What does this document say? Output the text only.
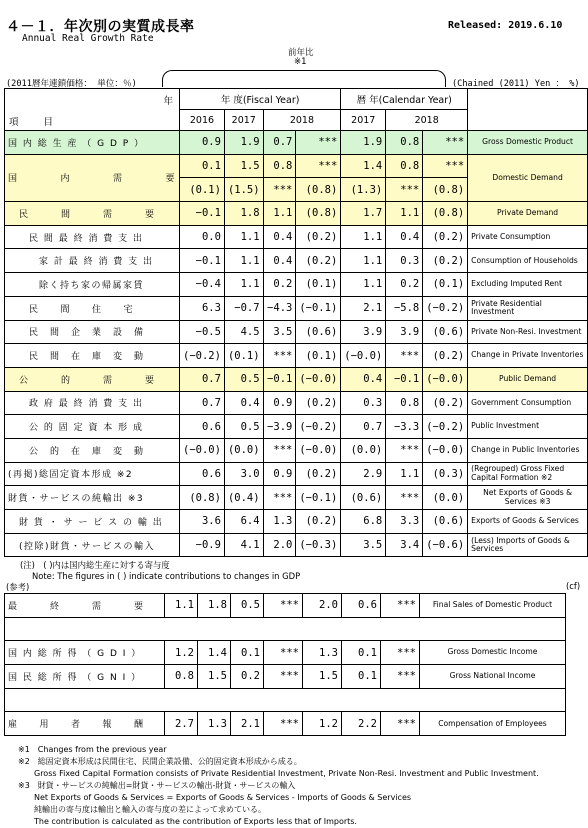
４－１．年次別の実質成長率
Annual Real Growth Rate
Released: 2019.6.10
前年比
※1
(2011暦年連鎖価格： 単位：％)	(Chained (2011) Yen ： %)
年
項　　目	年 度(Fiscal Year)				暦 年(Calendar Year)			
	2016	2017	2018		2017	2018		
国 内 総 生 産 （ G D P ）	0.9	1.9	0.7	***	1.9	0.8	***	Gross Domestic Product
国　　　　内　　　　需　　　　要	0.1	1.5	0.8	***	1.4	0.8	***	Domestic Demand
	(0.1)	(1.5)	***	(0.8)	(1.3)	***	(0.8)	
民　　　間　　　需　　　要	−0.1	1.8	1.1	(0.8)	1.7	1.1	(0.8)	Private Demand
民 間 最 終 消 費 支 出	0.0	1.1	0.4	(0.2)	1.1	0.4	(0.2)	Private Consumption
家 計 最 終 消 費 支 出	−0.1	1.1	0.4	(0.2)	1.1	0.3	(0.2)	Consumption of Households
除く持ち家の帰属家賃	−0.4	1.1	0.2	(0.1)	1.1	0.2	(0.1)	Excluding Imputed Rent
民　　間　　住　　宅	6.3	−0.7	−4.3	(−0.1)	2.1	−5.8	(−0.2)	Private Residential Investment
民　間　企　業　設　備	−0.5	4.5	3.5	(0.6)	3.9	3.9	(0.6)	Private Non-Resi. Investment
民　間　在　庫　変　動	(−0.2)	(0.1)	***	(0.1)	(−0.0)	***	(0.2)	Change in Private Inventories
公　　　的　　　需　　　要	0.7	0.5	−0.1	(−0.0)	0.4	−0.1	(−0.0)	Public Demand
政 府 最 終 消 費 支 出	0.7	0.4	0.9	(0.2)	0.3	0.8	(0.2)	Government Consumption
公 的 固 定 資 本 形 成	0.6	0.5	−3.9	(−0.2)	0.7	−3.3	(−0.2)	Public Investment
公　的　在　庫　変　動	(−0.0)	(0.0)	***	(−0.0)	(0.0)	***	(−0.0)	Change in Public Inventories
(再掲)総固定資本形成 ※2	0.6	3.0	0.9	(0.2)	2.9	1.1	(0.3)	(Regrouped) Gross Fixed Capital Formation ※2
財貨・サービスの純輸出 ※3	(0.8)	(0.4)	***	(−0.1)	(0.6)	***	(0.0)	Net Exports of Goods & Services ※3
財 貨 ・ サ ー ビ ス の 輸 出	3.6	6.4	1.3	(0.2)	6.8	3.3	(0.6)	Exports of Goods & Services
(控除)財貨・サービスの輸入	−0.9	4.1	2.0	(−0.3)	3.5	3.4	(−0.6)	(Less) Imports of Goods & Services
(注)　( )内は国内総生産に対する寄与度
Note: The figures in ( ) indicate contributions to changes in GDP
(参考)	(cf)
最　　　終　　　需　　　要	1.1	1.8	0.5	***	2.0	0.6	***	Final Sales of Domestic Product

国 内 総 所 得 （ G D I ）	1.2	1.4	0.1	***	1.3	0.1	***	Gross Domestic Income
国 民 総 所 得 （ G N I ）	0.8	1.5	0.2	***	1.5	0.1	***	Gross National Income

雇　　用　　者　　報　　酬	2.7	1.3	2.1	***	1.2	2.2	***	Compensation of Employees
※1　Changes from the previous year
※2　総固定資本形成は民間住宅、民間企業設備、公的固定資本形成から成る。
　　Gross Fixed Capital Formation consists of Private Residential Investment, Private Non-Resi. Investment and Public Investment.
※3　財貨・サービスの純輸出=財貨・サービスの輸出-財貨・サービスの輸入
　　Net Exports of Goods & Services = Exports of Goods & Services - Imports of Goods & Services
　　純輸出の寄与度は輸出と輸入の寄与度の差によって求めている。
　　The contribution is calculated as the contribution of Exports less that of Imports.
